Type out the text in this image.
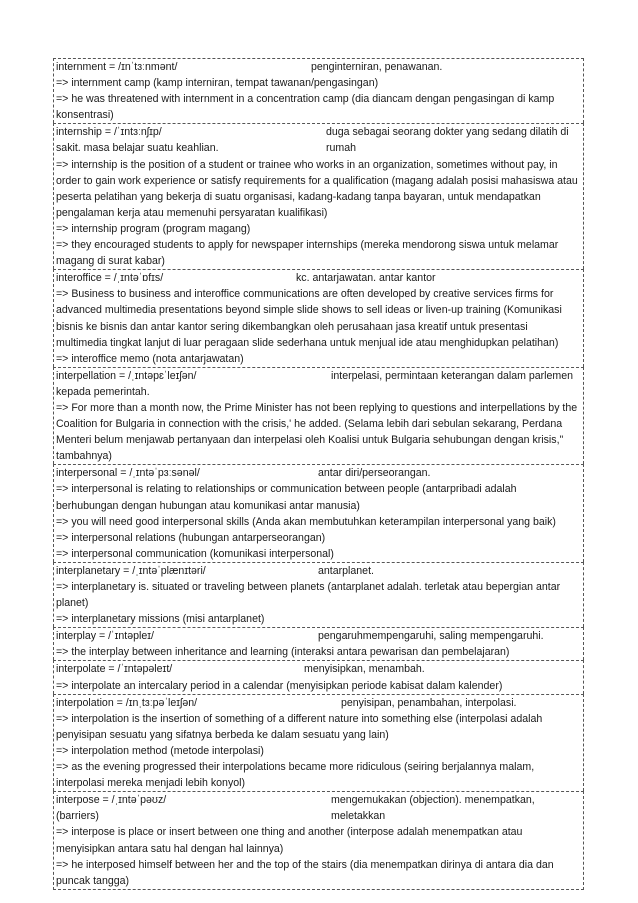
internment = /ɪnˈtɜːnmənt/	penginterniran, penawanan.
=> internment camp (kamp interniran, tempat tawanan/pengasingan)
=> he was threatened with internment in a concentration camp (dia diancam dengan pengasingan di kamp konsentrasi)
internship = /ˈɪntɜːnʃɪp/	duga sebagai seorang dokter yang sedang dilatih di rumah
sakit. masa belajar suatu keahlian.
=> internship is the position of a student or trainee who works in an organization, sometimes without pay, in order to gain work experience or satisfy requirements for a qualification (magang adalah posisi mahasiswa atau peserta pelatihan yang bekerja di suatu organisasi, kadang-kadang tanpa bayaran, untuk mendapatkan pengalaman kerja atau memenuhi persyaratan kualifikasi)
=> internship program (program magang)
=> they encouraged students to apply for newspaper internships (mereka mendorong siswa untuk melamar magang di surat kabar)
interoffice = /ˌɪntəˈɒfɪs/	kc. antarjawatan. antar kantor
=> Business to business and interoffice communications are often developed by creative services firms for advanced multimedia presentations beyond simple slide shows to sell ideas or liven-up training (Komunikasi bisnis ke bisnis dan antar kantor sering dikembangkan oleh perusahaan jasa kreatif untuk presentasi multimedia tingkat lanjut di luar peragaan slide sederhana untuk menjual ide atau menghidupkan pelatihan)
=> interoffice memo (nota antarjawatan)
interpellation = /ˌɪntəpɛˈleɪʃən/	interpelasi, permintaan keterangan dalam parlemen
kepada pemerintah.
=> For more than a month now, the Prime Minister has not been replying to questions and interpellations by the Coalition for Bulgaria in connection with the crisis,' he added. (Selama lebih dari sebulan sekarang, Perdana Menteri belum menjawab pertanyaan dan interpelasi oleh Koalisi untuk Bulgaria sehubungan dengan krisis," tambahnya)
interpersonal = /ˌɪntəˈpɜːsənəl/	antar diri/perseorangan.
=> interpersonal is relating to relationships or communication between people (antarpribadi adalah berhubungan dengan hubungan atau komunikasi antar manusia)
=> you will need good interpersonal skills (Anda akan membutuhkan keterampilan interpersonal yang baik)
=> interpersonal relations (hubungan antarperseorangan)
=> interpersonal communication (komunikasi interpersonal)
interplanetary = /ˌɪntəˈplænɪtəri/	antarplanet.
=> interplanetary is. situated or traveling between planets (antarplanet adalah. terletak atau bepergian antar planet)
=> interplanetary missions (misi antarplanet)
interplay = /ˈɪntəpleɪ/	pengaruhmempengaruhi, saling mempengaruhi.
=> the interplay between inheritance and learning (interaksi antara pewarisan dan pembelajaran)
interpolate = /ˈɪntəpəleɪt/	menyisipkan, menambah.
=> interpolate an intercalary period in a calendar (menyisipkan periode kabisat dalam kalender)
interpolation = /ɪnˌtɜːpəˈleɪʃən/	penyisipan, penambahan, interpolasi.
=> interpolation is the insertion of something of a different nature into something else (interpolasi adalah penyisipan sesuatu yang sifatnya berbeda ke dalam sesuatu yang lain)
=> interpolation method (metode interpolasi)
=> as the evening progressed their interpolations became more ridiculous (seiring berjalannya malam, interpolasi mereka menjadi lebih konyol)
interpose = /ˌɪntəˈpəʊz/	mengemukakan (objection). menempatkan, meletakkan
(barriers)
=> interpose is place or insert between one thing and another (interpose adalah menempatkan atau menyisipkan antara satu hal dengan hal lainnya)
=> he interposed himself between her and the top of the stairs (dia menempatkan dirinya di antara dia dan puncak tangga)
